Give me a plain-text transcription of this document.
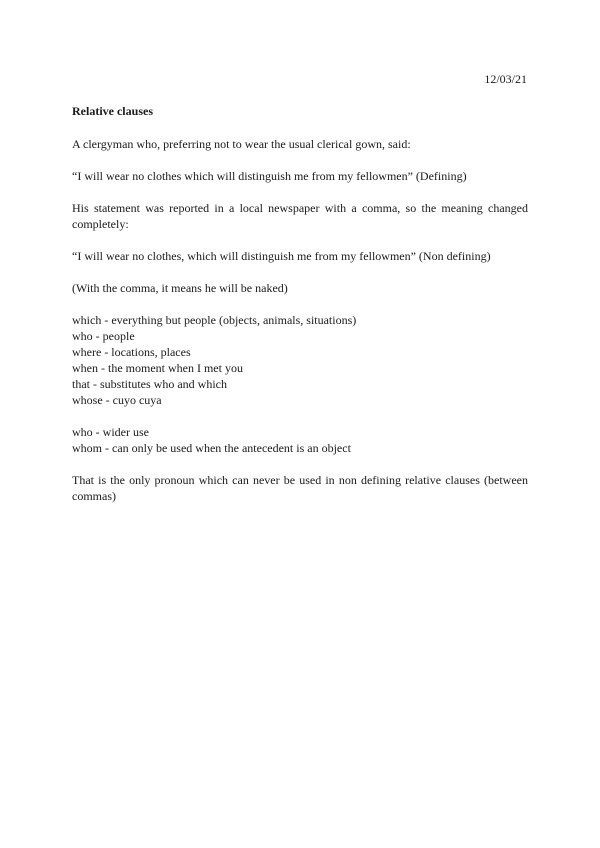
12/03/21
Relative clauses
A clergyman who, preferring not to wear the usual clerical gown, said:
“I will wear no clothes which will distinguish me from my fellowmen” (Defining)
His statement was reported in a local newspaper with a comma, so the meaning changed completely:
“I will wear no clothes, which will distinguish me from my fellowmen” (Non defining)
(With the comma, it means he will be naked)
which - everything but people (objects, animals, situations)
who - people
where - locations, places
when - the moment when I met you
that - substitutes who and which
whose - cuyo cuya
who - wider use
whom - can only be used when the antecedent is an object
That is the only pronoun which can never be used in non defining relative clauses (between commas)
